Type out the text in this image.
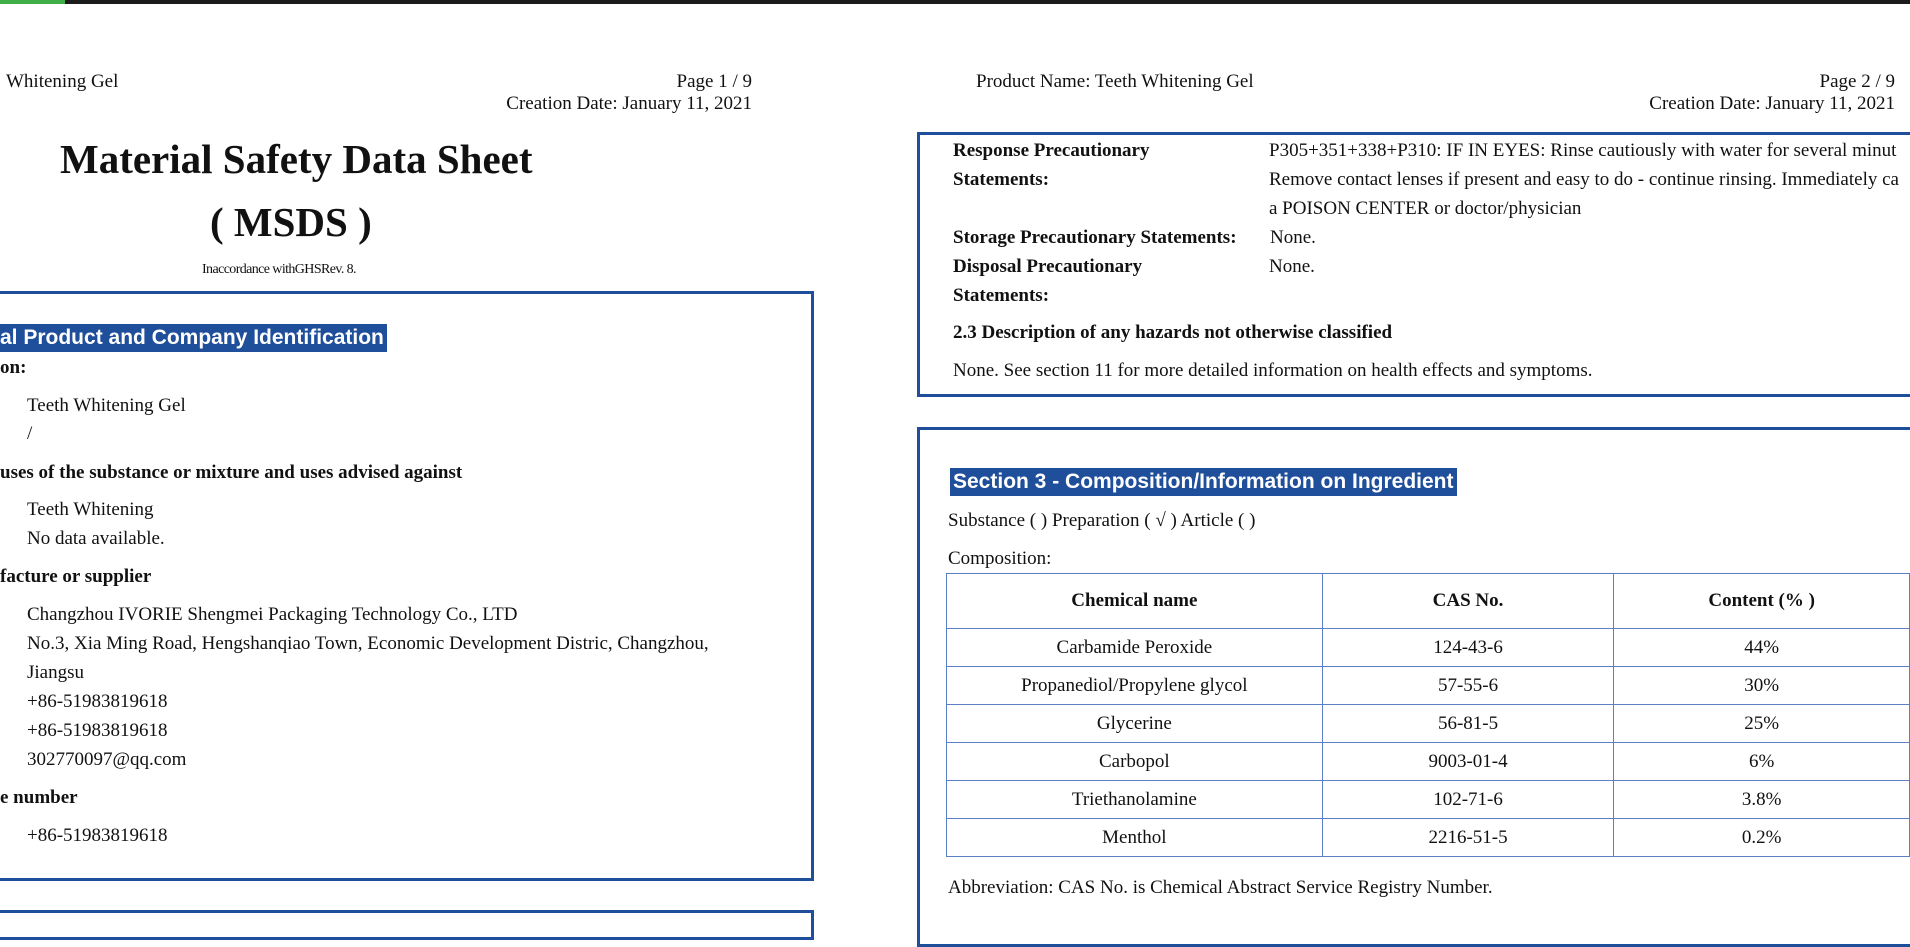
Whitening Gel	Page 1 / 9
Creation Date: January 11, 2021
Material Safety Data Sheet
( MSDS )
Inaccordance withGHSRev. 8.
al Product and Company Identification
on:
Teeth Whitening Gel
/
uses of the substance or mixture and uses advised against
Teeth Whitening
No data available.
facture or supplier
Changzhou IVORIE Shengmei Packaging Technology Co., LTD
No.3, Xia Ming Road, Hengshanqiao Town, Economic Development Distric, Changzhou,
Jiangsu
+86-51983819618
+86-51983819618
302770097@qq.com
e number
+86-51983819618
Product Name: Teeth Whitening Gel	Page 2 / 9
Creation Date: January 11, 2021
Response Precautionary
Statements:
P305+351+338+P310: IF IN EYES: Rinse cautiously with water for several minut
Remove contact lenses if present and easy to do - continue rinsing. Immediately ca
a POISON CENTER or doctor/physician
Storage Precautionary Statements: None.
Disposal Precautionary
Statements:
None.
2.3 Description of any hazards not otherwise classified
None. See section 11 for more detailed information on health effects and symptoms.
Section 3 - Composition/Information on Ingredient
Substance ( ) Preparation ( √ ) Article ( )
Composition:
Chemical name	CAS No.	Content (% )
Carbamide Peroxide	124-43-6	44%
Propanediol/Propylene glycol	57-55-6	30%
Glycerine	56-81-5	25%
Carbopol	9003-01-4	6%
Triethanolamine	102-71-6	3.8%
Menthol	2216-51-5	0.2%
Abbreviation: CAS No. is Chemical Abstract Service Registry Number.
